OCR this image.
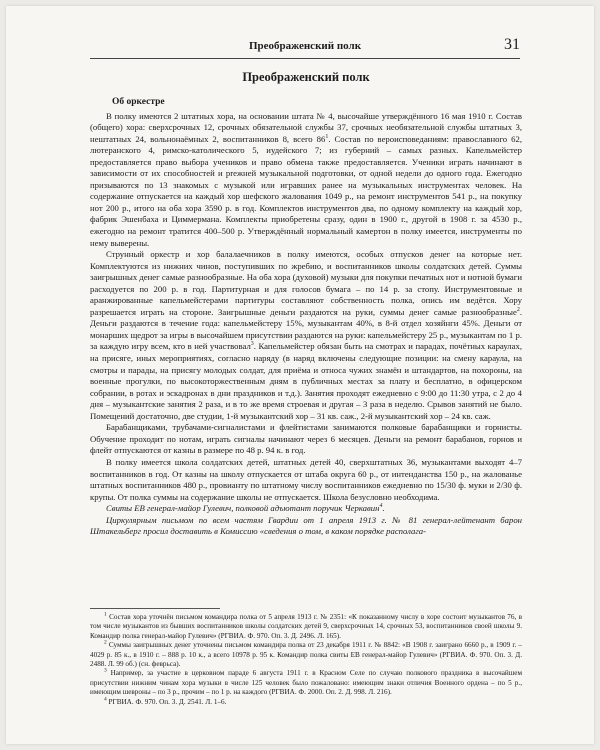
Преображенский полк	31
Преображенский полк
Об оркестре

В полку имеются 2 штатных хора, на основании штата № 4, высочайше утверждённого 16 мая 1910 г. Состав (общего) хора: сверхсрочных 12, срочных обязательной службы 37, срочных необязательной службы штатных 3, нештатных 24, вольнонаёмных 2, воспитанников 8, всего $86^1$. Состав по вероисповеданиям: православного 62, лютеранского 4, римско-католического 5, иудейского 7; из губерний – самых разных. Капельмейстер предоставляется право выбора учеников и право обмена также предоставляется. Ученики играть начинают в зависимости от их способностей и prежней музыкальной подготовки, от одной недели до одного года. Ежегодно призываются по 13 знакомых с музыкой или игравших ранее на музыкальных инструментах человек. На содержание отпускается на каждый хор шефского жалования 1049 р., на ремонт инструментов 541 р., на покупку нот 200 р., итого на оба хора 3590 р. в год. Комплектов инструментов два, по одному комплекту на каждый хор, фабрик Эшенбаха и Циммермана. Комплекты приобретены сразу, один в 1900 г., другой в 1908 г. за 4530 р., ежегодно на ремонт тратится 400–500 р. Утверждённый нормальный камертон в полку имеется, инструменты по нему выверены.

Струнный оркестр и хор балалаечников в полку имеются, особых отпусков денег на которые нет. Комплектуются из нижних чинов, поступивших по жребию, и воспитанников школы солдатских детей. Суммы заигрышных денег самые разнообразные. На оба хора (духовой) музыки для покупки печатных нот и нотной бумаги расходуется по 200 р. в год. Партитурная и для голосов бумага – по 14 р. за стопу. Инструментовные и аранжированные капельмейстерами партитуры составляют собственность полка, опись им ведётся. Хору разрешается играть на стороне. Заигрышные деньги раздаются на руки, суммы денег самые разнообразные$^2$. Деньги раздаются в течение года: капельмейстеру 15%, музыкантам 40%, в 8-й отдел хозяйнги 45%. Деньги от монарших щедрот за игры в высочайшем присутствии раздаются на руки: капельмейстеру 25 р., музыкантам по 1 р. за каждую игру всем, кто в ней участвовал$^3$. Капельмейстер обязан быть на смотрах и парадах, почётных караулах, на присяге, иных мероприятиях, согласно наряду (в наряд включены следующие позиции: на смену караула, на смотры и парады, на присягу молодых солдат, для приёма и относа чужих знамён и штандартов, на похороны, на военные прогулки, по высокоторжественным дням в публичных местах за плату и бесплатно, в офицерском собрании, в ротах и эскадронах в дни праздников и т.д.). Занятия проходят ежедневно с 9:00 до 11:30 утра, с 2 до 4 дня – музыкантские занятия 2 раза, и в то же время строевая и другая – 3 раза в неделю. Срывов занятий не было. Помещений достаточно, две студии, 1-й музыкантский хор – 31 кв. саж., 2-й музыкантский хор – 24 кв. саж.

Барабанщиками, трубачами-сигналистами и флейтистами занимаются полковые барабанщики и горнисты. Обучение проходит по нотам, играть сигналы начинают через 6 месяцев. Деньги на ремонт барабанов, горнов и флейт отпускаются от казны в размере по 48 р. 94 к. в год.

В полку имеется школа солдатских детей, штатных детей 40, сверхштатных 36, музыкантами выходят 4–7 воспитанников в год. От казны на школу отпускается от штаба округа 60 р., от интенданства 150 р., на жалованье штатных воспитанников 480 р., провианту по штатному числу воспитанников ежедневно по 15/30 ф. муки и 2/30 ф. крупы. От полка суммы на содержание школы не отпускается. Школа безусловно необходима.

Свиты ЕВ генерал-майор Гулевич, полковой адъютант поручик Черкавин$^4$.

Циркулярным письмом по всем частям Гвардии от 1 апреля 1913 г. № 81 генерал-лейтенант барон Штакельберг просил доставить в Комиссию «сведения о том, в каком порядке располага-

$^1$ Состав хора уточнён письмом командира полка от 5 апреля 1913 г. № 2351: «К показанному числу в хоре состоит музыкантов 76, в том числе музыкантов из бывших воспитанников школы солдатских детей 9, сверхсрочных 14, срочных 53, воспитанников своей школы 9. Командир полка генерал-майор Гулевич» (РГВИА. Ф. 970. Оп. 3. Д. 2496. Л. 165).

$^2$ Суммы заигрышных денег уточнены письмом командира полка от 23 декабря 1911 г. № 8842: «В 1908 г. заиграно 6660 р., в 1909 г. – 4029 р. 85 к., в 1910 г. – 888 р. 10 к., а всего 10978 р. 95 к. Командир полка свиты ЕВ генерал-майор Гулевич» (РГВИА. Ф. 970. Оп. 3. Д. 2488. Л. 99 об.) (сн. феврьса).

$^3$ Например, за участие в церковном параде 6 августа 1911 г. в Красном Селе по случаю полкового праздника в высочайшем присутствии нижним чинам хора музыки в числе 125 человек было пожаловано: имеющим знаки отличия Военного ордена – по 5 р., имеющим шевроны – по 3 р., прочим – по 1 р. на каждого (РГВИА. Ф. 2000. Оп. 2. Д. 998. Л. 216).

$^4$ РГВИА. Ф. 970. Оп. 3. Д. 2541. Л. 1–6.
